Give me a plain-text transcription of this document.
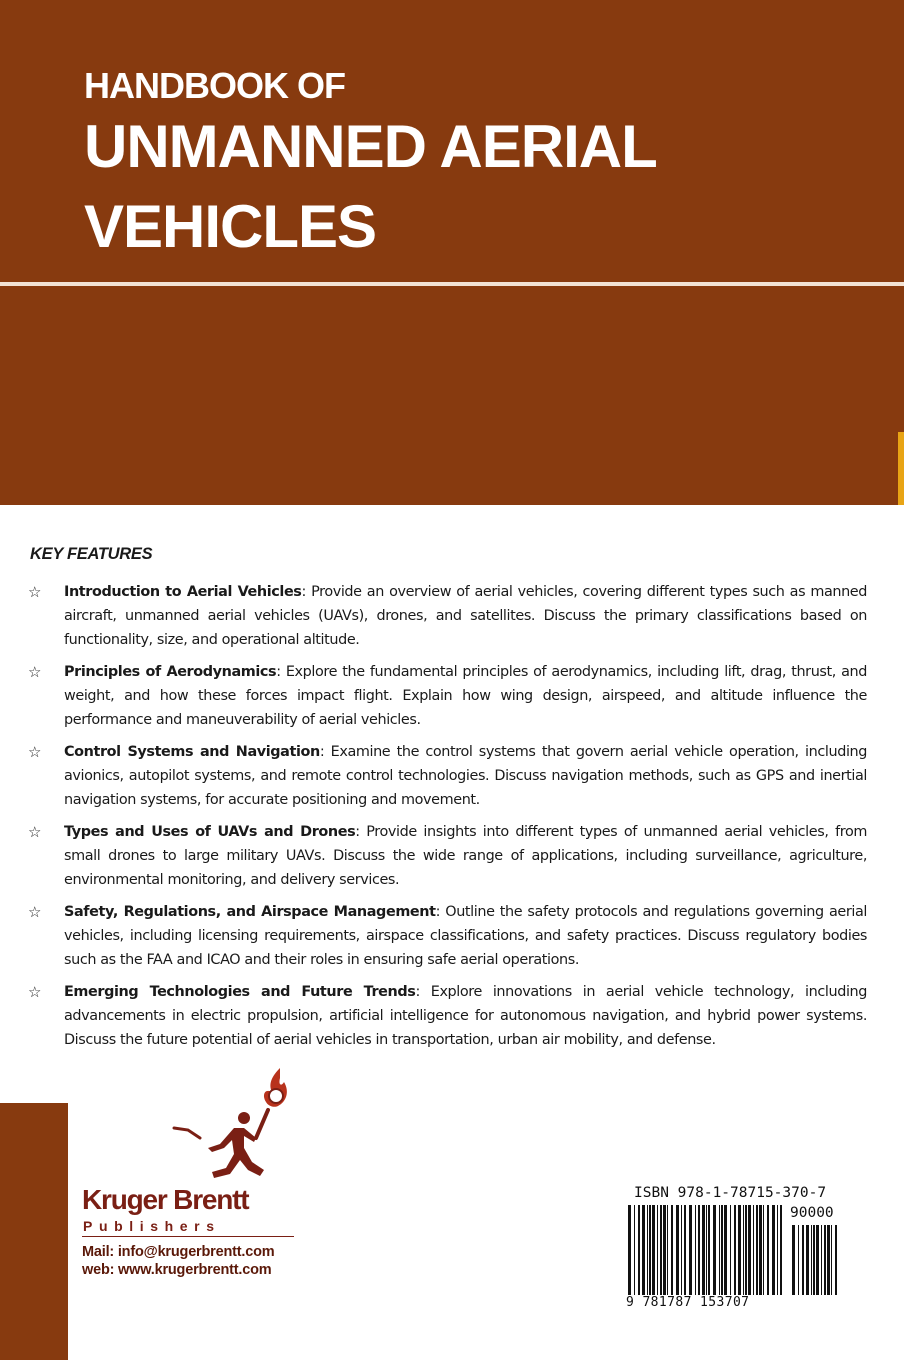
HANDBOOK OF
UNMANNED AERIAL
VEHICLES
KEY FEATURES
☆ Introduction to Aerial Vehicles: Provide an overview of aerial vehicles, covering different types such as manned aircraft, unmanned aerial vehicles (UAVs), drones, and satellites. Discuss the primary classifications based on functionality, size, and operational altitude.
☆ Principles of Aerodynamics: Explore the fundamental principles of aerodynamics, including lift, drag, thrust, and weight, and how these forces impact flight. Explain how wing design, airspeed, and altitude influence the performance and maneuverability of aerial vehicles.
☆ Control Systems and Navigation: Examine the control systems that govern aerial vehicle operation, including avionics, autopilot systems, and remote control technologies. Discuss navigation methods, such as GPS and inertial navigation systems, for accurate positioning and movement.
☆ Types and Uses of UAVs and Drones: Provide insights into different types of unmanned aerial vehicles, from small drones to large military UAVs. Discuss the wide range of applications, including surveillance, agriculture, environmental monitoring, and delivery services.
☆ Safety, Regulations, and Airspace Management: Outline the safety protocols and regulations governing aerial vehicles, including licensing requirements, airspace classifications, and safety practices. Discuss regulatory bodies such as the FAA and ICAO and their roles in ensuring safe aerial operations.
☆ Emerging Technologies and Future Trends: Explore innovations in aerial vehicle technology, including advancements in electric propulsion, artificial intelligence for autonomous navigation, and hybrid power systems. Discuss the future potential of aerial vehicles in transportation, urban air mobility, and defense.
Kruger Brentt
Publishers
Mail: info@krugerbrentt.com
web: www.krugerbrentt.com
ISBN 978-1-78715-370-7
90000
9 781787 153707
